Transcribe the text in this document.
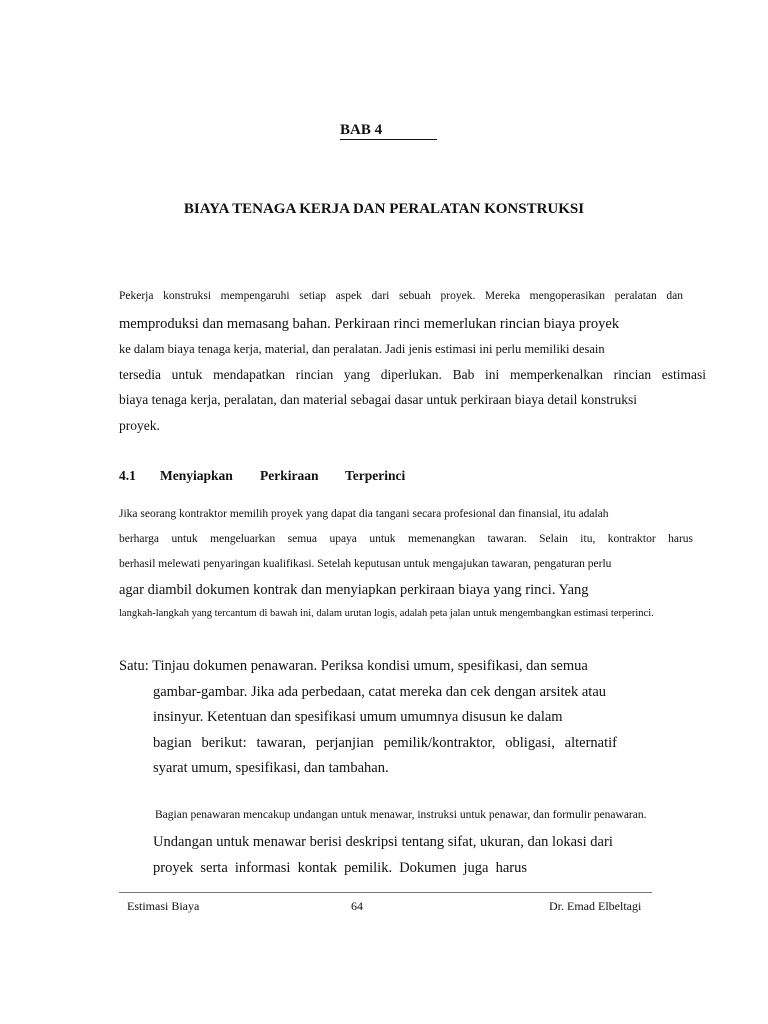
BAB 4
BIAYA TENAGA KERJA DAN PERALATAN KONSTRUKSI
Pekerja konstruksi mempengaruhi setiap aspek dari sebuah proyek. Mereka mengoperasikan peralatan dan
memproduksi dan memasang bahan. Perkiraan rinci memerlukan rincian biaya proyek
ke dalam biaya tenaga kerja, material, dan peralatan. Jadi jenis estimasi ini perlu memiliki desain
tersedia untuk mendapatkan rincian yang diperlukan. Bab ini memperkenalkan rincian estimasi
biaya tenaga kerja, peralatan, dan material sebagai dasar untuk perkiraan biaya detail konstruksi
proyek.
4.1 Menyiapkan Perkiraan Terperinci
Jika seorang kontraktor memilih proyek yang dapat dia tangani secara profesional dan finansial, itu adalah
berharga untuk mengeluarkan semua upaya untuk memenangkan tawaran. Selain itu, kontraktor harus
berhasil melewati penyaringan kualifikasi. Setelah keputusan untuk mengajukan tawaran, pengaturan perlu
agar diambil dokumen kontrak dan menyiapkan perkiraan biaya yang rinci. Yang
langkah-langkah yang tercantum di bawah ini, dalam urutan logis, adalah peta jalan untuk mengembangkan estimasi terperinci.
Satu: Tinjau dokumen penawaran. Periksa kondisi umum, spesifikasi, dan semua
gambar-gambar. Jika ada perbedaan, catat mereka dan cek dengan arsitek atau
insinyur. Ketentuan dan spesifikasi umum umumnya disusun ke dalam
bagian berikut: tawaran, perjanjian pemilik/kontraktor, obligasi, alternatif
syarat umum, spesifikasi, dan tambahan.
Bagian penawaran mencakup undangan untuk menawar, instruksi untuk penawar, dan formulir penawaran.
Undangan untuk menawar berisi deskripsi tentang sifat, ukuran, dan lokasi dari
proyek serta informasi kontak pemilik. Dokumen juga harus
Estimasi Biaya	64	Dr. Emad Elbeltagi
